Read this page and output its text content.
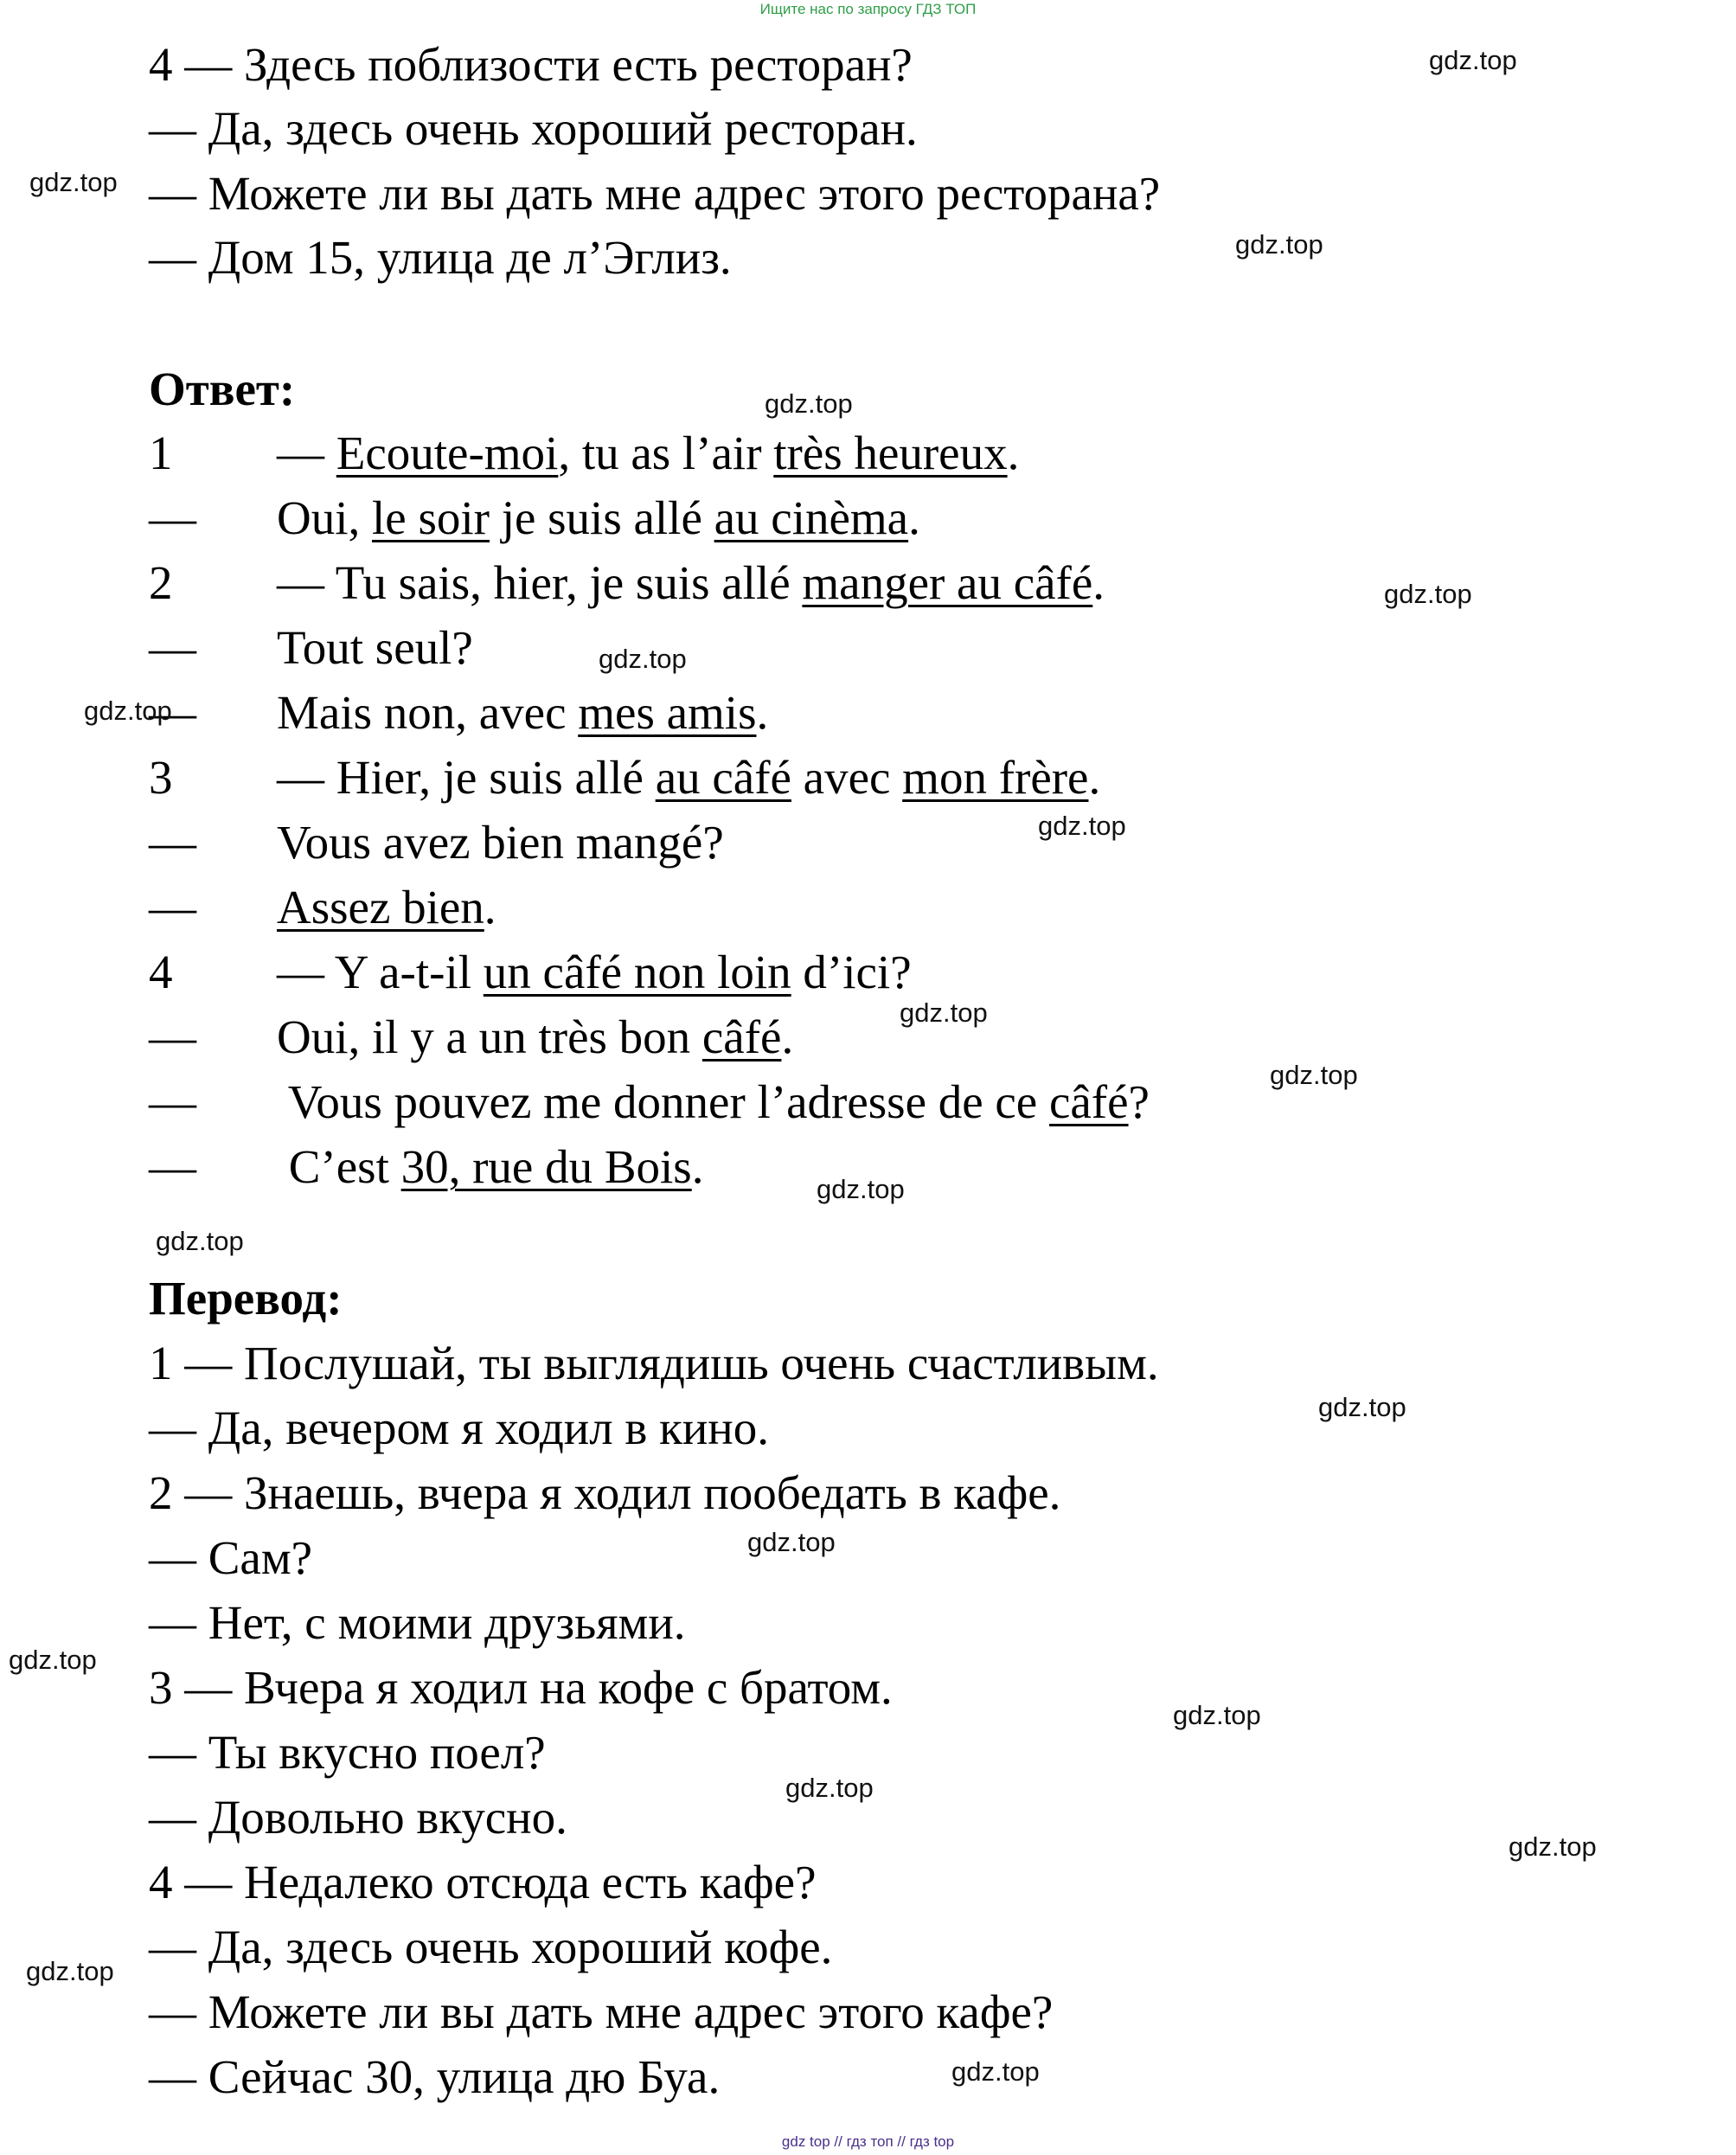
Ищите нас по запросу ГДЗ ТОП
4 — Здесь поблизости есть ресторан?
— Да, здесь очень хороший ресторан.
— Можете ли вы дать мне адрес этого ресторана?
— Дом 15, улица де л’Эглиз.
Ответ:
1 — Ecoute-moi, tu as l’air très heureux.
— Oui, le soir je suis allé au cinèma.
2 — Tu sais, hier, je suis allé manger au câfé.
— Tout seul?
— Mais non, avec mes amis.
3 — Hier, je suis allé au câfé avec mon frère.
— Vous avez bien mangé?
— Assez bien.
4 — Y a-t-il un câfé non loin d’ici?
— Oui, il y a un très bon câfé.
— Vous pouvez me donner l’adresse de ce câfé?
— C’est 30, rue du Bois.
Перевод:
1 — Послушай, ты выглядишь очень счастливым.
— Да, вечером я ходил в кино.
2 — Знаешь, вчера я ходил пообедать в кафе.
— Сам?
— Нет, с моими друзьями.
3 — Вчера я ходил на кофе с братом.
— Ты вкусно поел?
— Довольно вкусно.
4 — Недалеко отсюда есть кафе?
— Да, здесь очень хороший кофе.
— Можете ли вы дать мне адрес этого кафе?
— Сейчас 30, улица дю Буа.
gdz.top
gdz.top
gdz.top
gdz.top
gdz.top
gdz.top
gdz.top
gdz.top
gdz.top
gdz.top
gdz.top
gdz.top
gdz.top
gdz.top
gdz.top
gdz.top
gdz.top
gdz.top
gdz.top
gdz.top
gdz top // гдз топ // гдз top
